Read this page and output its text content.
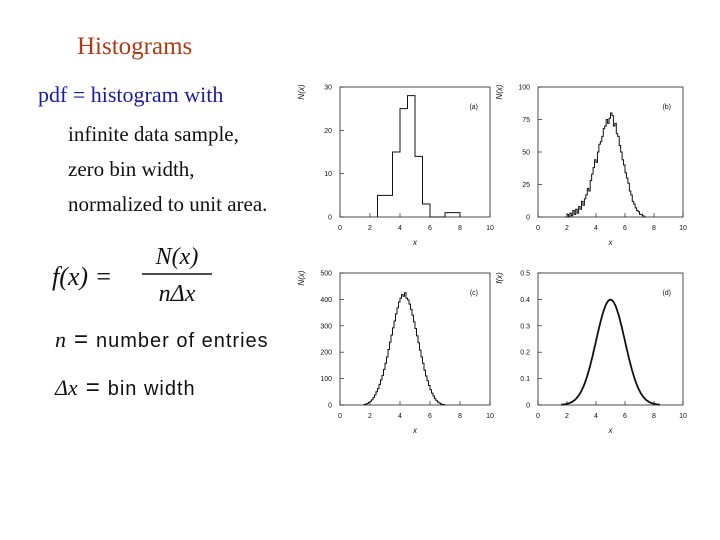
Histograms
pdf = histogram with
infinite data sample,
zero bin width,
normalized to unit area.
f(x) =
N(x)
nΔx
n = number of entries
Δx = bin width
0	2	4	6	8	10
0
10
20
30
x
N(x)
(a)
0	2	4	6	8	10
0
25
50
75
100
x
N(x)
(b)
0	2	4	6	8	10
0
100
200
300
400
500
x
N(x)
(c)
0	2	4	6	8	10
0
0.1
0.2
0.3
0.4
0.5
x
f(x)
(d)
